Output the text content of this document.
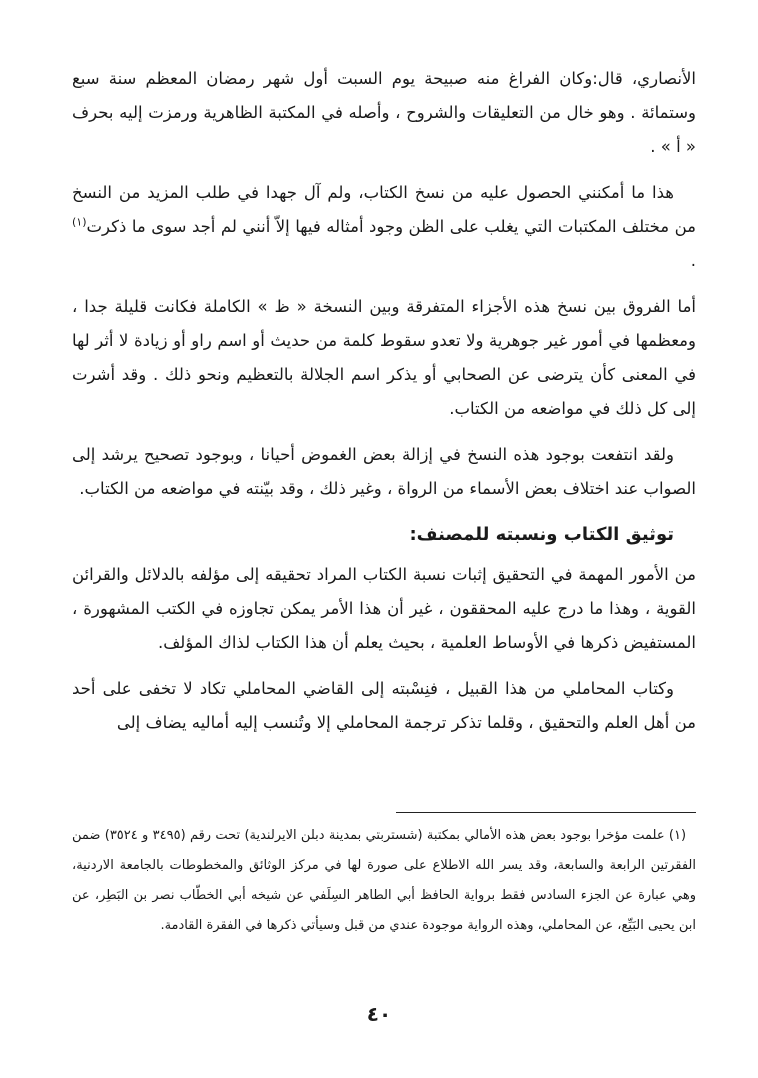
الأنصاري، قال:وكان الفراغ منه صبيحة يوم السبت أول شهر رمضان المعظم سنة سبع وستمائة . وهو خال من التعليقات والشروح ، وأصله في المكتبة الظاهرية ورمزت إليه بحرف « أ » .

هذا ما أمكنني الحصول عليه من نسخ الكتاب، ولم آل جهدا في طلب المزيد من النسخ من مختلف المكتبات التي يغلب على الظن وجود أمثاله فيها إلاّ أنني لم أجد سوى ما ذكرت$^{(١)}$ .

أما الفروق بين نسخ هذه الأجزاء المتفرقة وبين النسخة « ظ » الكاملة فكانت قليلة جدا ، ومعظمها في أمور غير جوهرية ولا تعدو سقوط كلمة من حديث أو اسم راو أو زيادة لا أثر لها في المعنى كأن يترضى عن الصحابي أو يذكر اسم الجلالة بالتعظيم ونحو ذلك . وقد أشرت إلى كل ذلك في مواضعه من الكتاب.

ولقد انتفعت بوجود هذه النسخ في إزالة بعض الغموض أحيانا ، وبوجود تصحيح يرشد إلى الصواب عند اختلاف بعض الأسماء من الرواة ، وغير ذلك ، وقد بيّنته في مواضعه من الكتاب.

توثيق الكتاب ونسبته للمصنف:

من الأمور المهمة في التحقيق إثبات نسبة الكتاب المراد تحقيقه إلى مؤلفه بالدلائل والقرائن القوية ، وهذا ما درج عليه المحققون ، غير أن هذا الأمر يمكن تجاوزه في الكتب المشهورة ، المستفيض ذكرها في الأوساط العلمية ، بحيث يعلم أن هذا الكتاب لذاك المؤلف.

وكتاب المحاملي من هذا القبيل ، فنِسْبته إلى القاضي المحاملي تكاد لا تخفى على أحد من أهل العلم والتحقيق ، وقلما تذكر ترجمة المحاملي إلا وتُنسب إليه أماليه يضاف إلى

(١) علمت مؤخرا بوجود بعض هذه الأمالي بمكتبة (شستربتي بمدينة دبلن الايرلندية) تحت رقم (٣٤٩٥ و ٣٥٢٤) ضمن الفقرتين الرابعة والسابعة، وقد يسر الله الاطلاع على صورة لها في مركز الوثائق والمخطوطات بالجامعة الاردنية، وهي عبارة عن الجزء السادس فقط برواية الحافظ أبي الطاهر السِلَفي عن شيخه أبي الخطّاب نصر بن البَطِر، عن ابن يحيى البَيِّع، عن المحاملي، وهذه الرواية موجودة عندي من قبل وسيأتي ذكرها في الفقرة القادمة.

٤٠
